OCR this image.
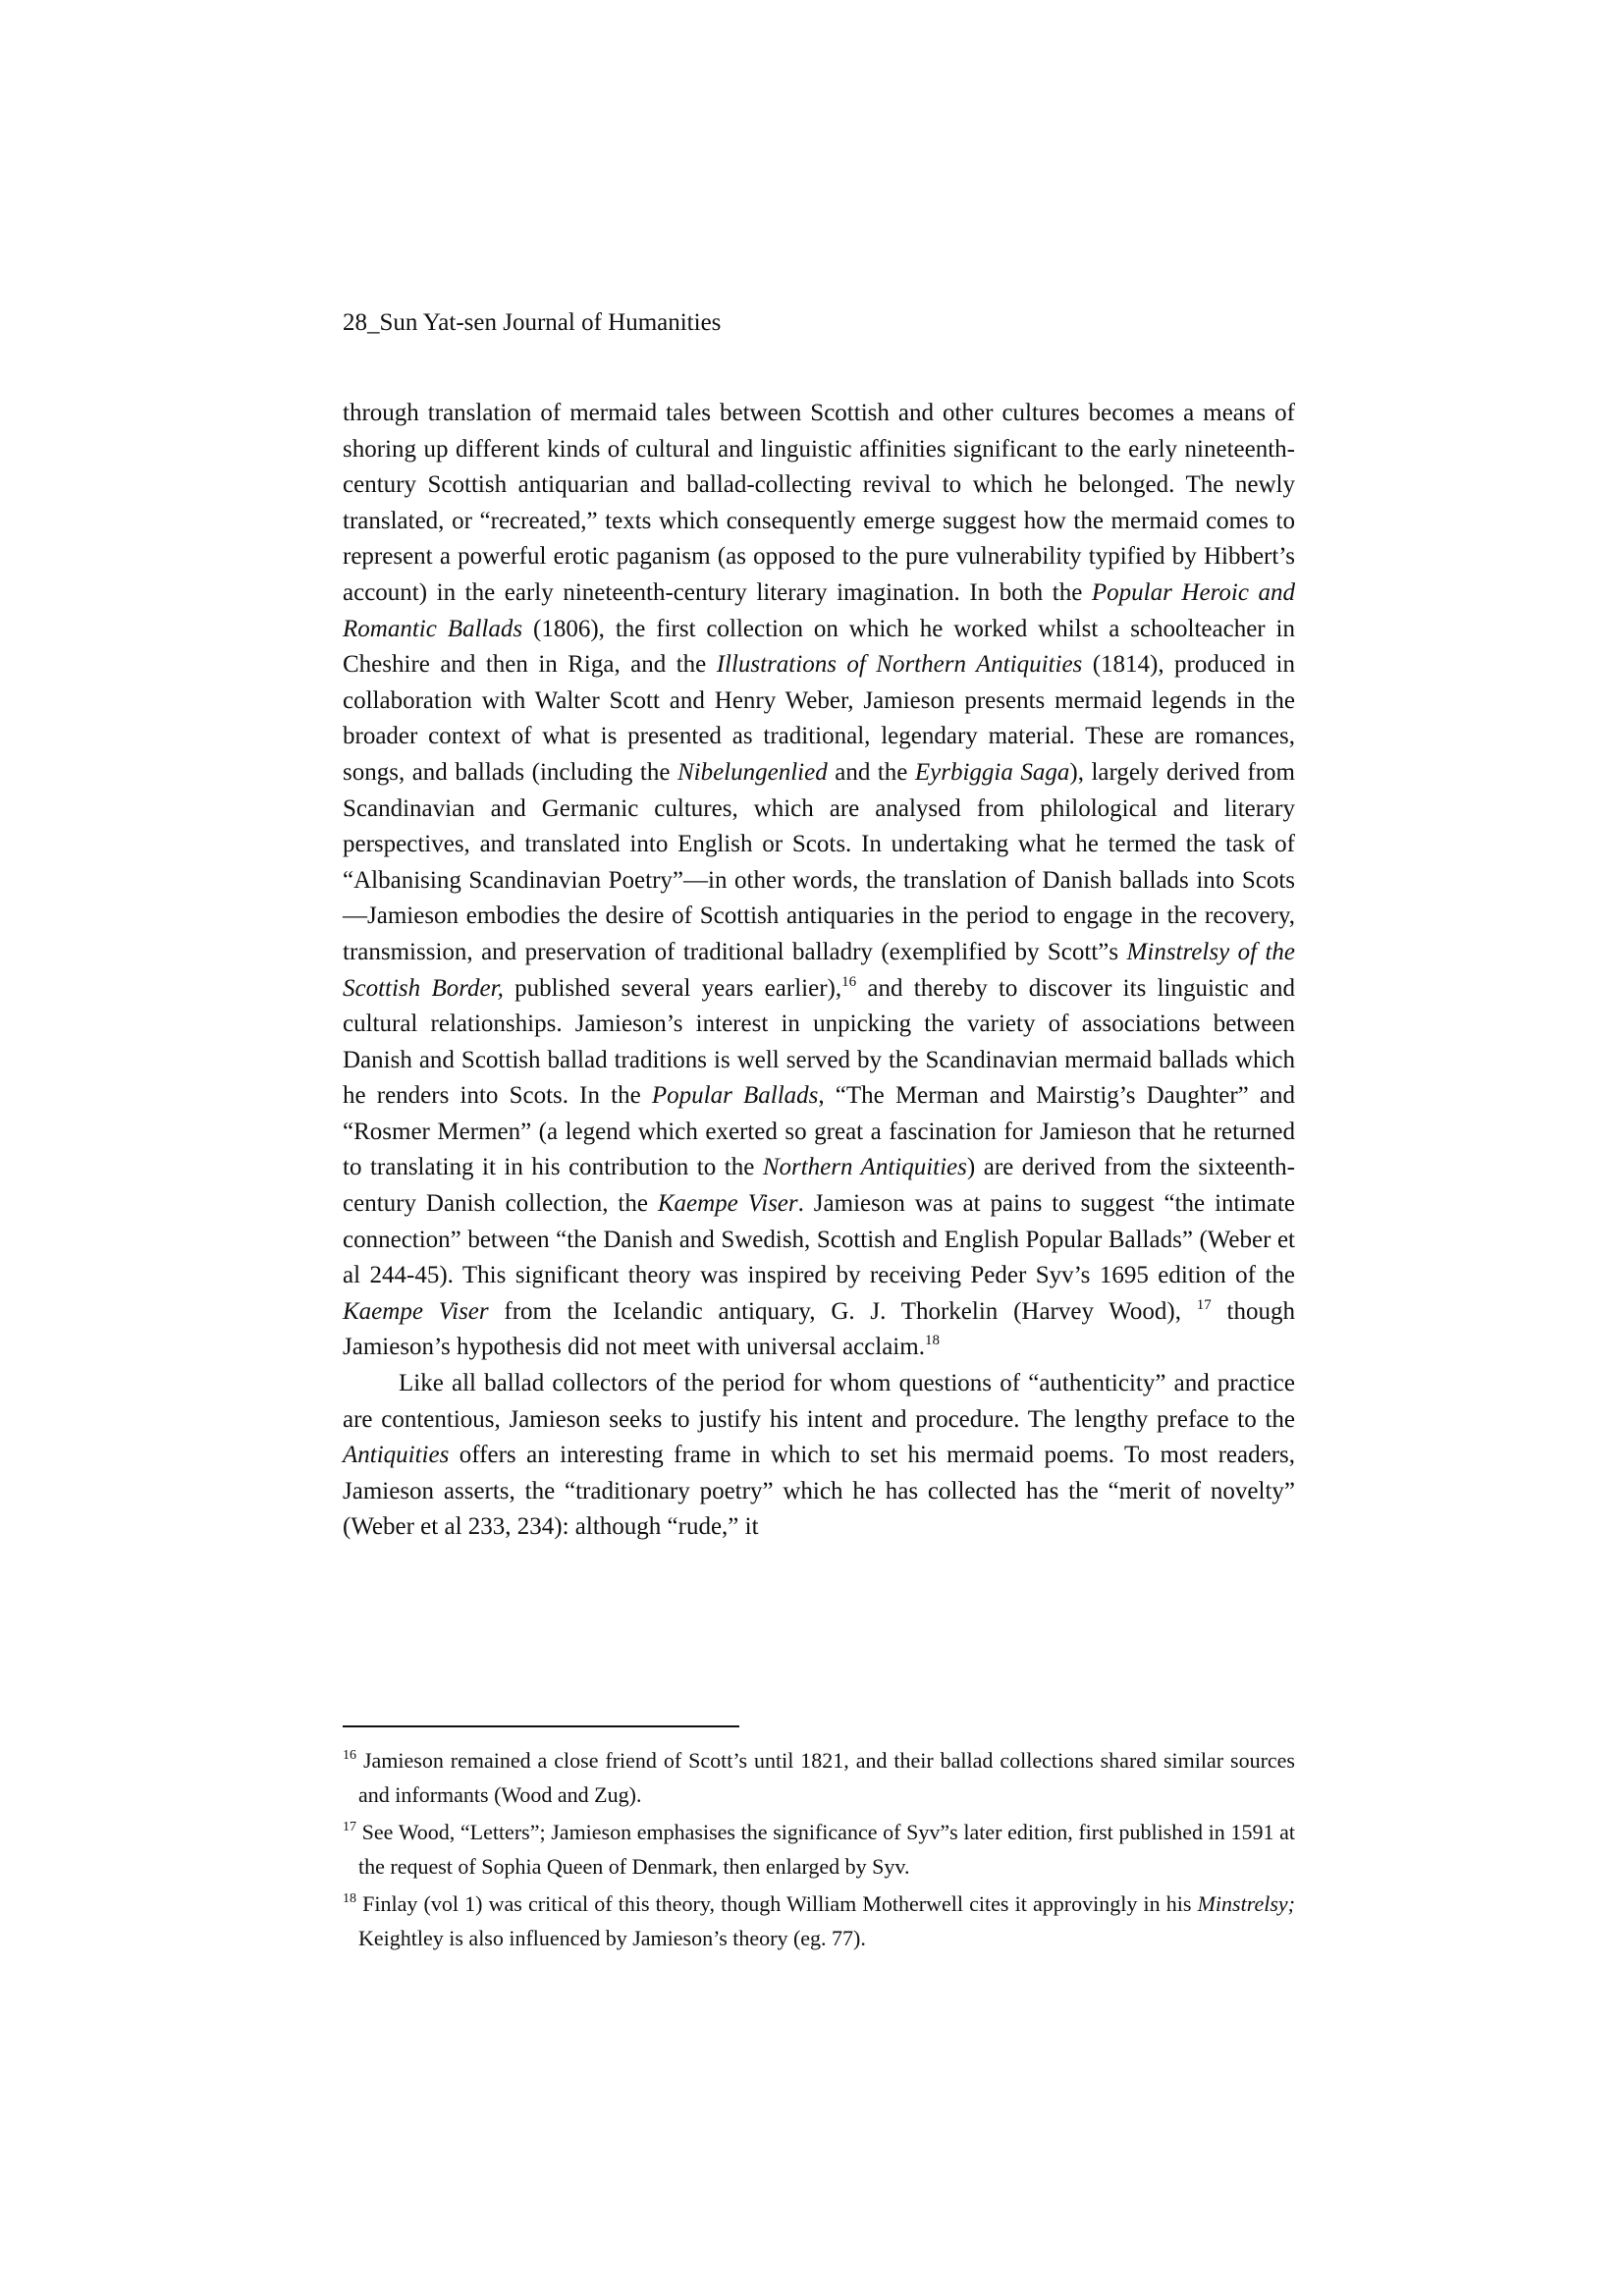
28_Sun Yat-sen Journal of Humanities

through translation of mermaid tales between Scottish and other cultures becomes a means of shoring up different kinds of cultural and linguistic affinities significant to the early nineteenth-century Scottish antiquarian and ballad-collecting revival to which he belonged. The newly translated, or “recreated,” texts which consequently emerge suggest how the mermaid comes to represent a powerful erotic paganism (as opposed to the pure vulnerability typified by Hibbert’s account) in the early nineteenth-century literary imagination. In both the Popular Heroic and Romantic Ballads (1806), the first collection on which he worked whilst a schoolteacher in Cheshire and then in Riga, and the Illustrations of Northern Antiquities (1814), produced in collaboration with Walter Scott and Henry Weber, Jamieson presents mermaid legends in the broader context of what is presented as traditional, legendary material. These are romances, songs, and ballads (including the Nibelungenlied and the Eyrbiggia Saga), largely derived from Scandinavian and Germanic cultures, which are analysed from philological and literary perspectives, and translated into English or Scots. In undertaking what he termed the task of “Albanising Scandinavian Poetry”—in other words, the translation of Danish ballads into Scots—Jamieson embodies the desire of Scottish antiquaries in the period to engage in the recovery, transmission, and preservation of traditional balladry (exemplified by Scott”s Minstrelsy of the Scottish Border, published several years earlier),$^{16}$ and thereby to discover its linguistic and cultural relationships. Jamieson’s interest in unpicking the variety of associations between Danish and Scottish ballad traditions is well served by the Scandinavian mermaid ballads which he renders into Scots. In the Popular Ballads, “The Merman and Mairstig’s Daughter” and “Rosmer Mermen” (a legend which exerted so great a fascination for Jamieson that he returned to translating it in his contribution to the Northern Antiquities) are derived from the sixteenth-century Danish collection, the Kaempe Viser. Jamieson was at pains to suggest “the intimate connection” between “the Danish and Swedish, Scottish and English Popular Ballads” (Weber et al 244-45). This significant theory was inspired by receiving Peder Syv’s 1695 edition of the Kaempe Viser from the Icelandic antiquary, G. J. Thorkelin (Harvey Wood), $^{17}$ though Jamieson’s hypothesis did not meet with universal acclaim.$^{18}$

Like all ballad collectors of the period for whom questions of “authenticity” and practice are contentious, Jamieson seeks to justify his intent and procedure. The lengthy preface to the Antiquities offers an interesting frame in which to set his mermaid poems. To most readers, Jamieson asserts, the “traditionary poetry” which he has collected has the “merit of novelty” (Weber et al 233, 234): although “rude,” it

$^{16}$ Jamieson remained a close friend of Scott’s until 1821, and their ballad collections shared similar sources and informants (Wood and Zug).

$^{17}$ See Wood, “Letters”; Jamieson emphasises the significance of Syv”s later edition, first published in 1591 at the request of Sophia Queen of Denmark, then enlarged by Syv.

$^{18}$ Finlay (vol 1) was critical of this theory, though William Motherwell cites it approvingly in his Minstrelsy; Keightley is also influenced by Jamieson’s theory (eg. 77).
